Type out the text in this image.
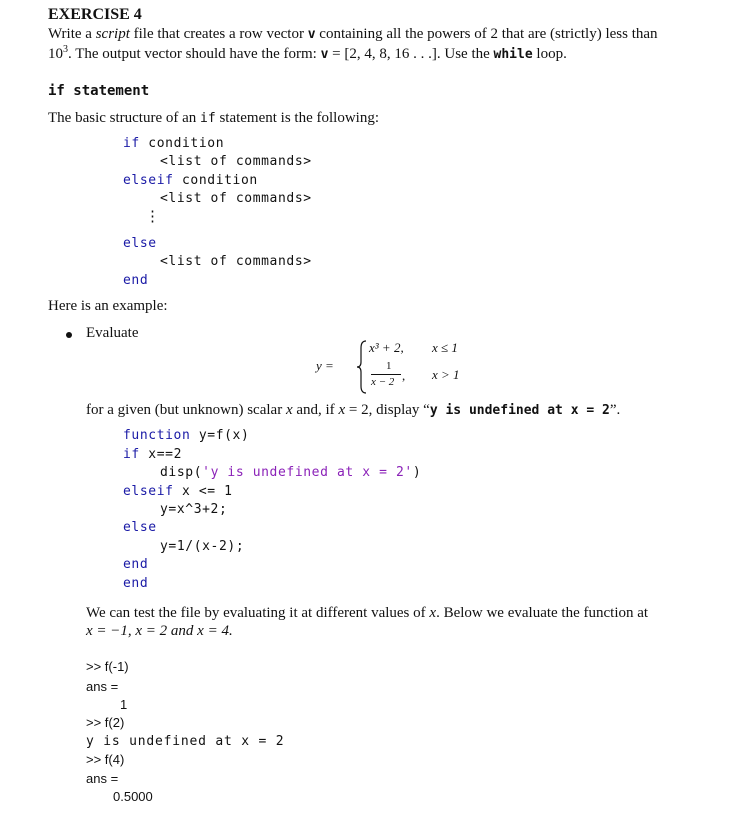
EXERCISE 4
Write a script file that creates a row vector v containing all the powers of 2 that are (strictly) less than
$10^3$. The output vector should have the form: v = [2, 4, 8, 16 . . .]. Use the while loop.
if statement
The basic structure of an if statement is the following:
if condition
<list of commands>
elseif condition
<list of commands>
⋮
else
<list of commands>
end
Here is an example:
Evaluate
y =
x³ + 2, x ≤ 1
1
x − 2 , x > 1
for a given (but unknown) scalar x and, if x = 2, display “y is undefined at x = 2”.
function y=f(x)
if x==2
disp('y is undefined at x = 2')
elseif x <= 1
y=x^3+2;
else
y=1/(x-2);
end
end
We can test the file by evaluating it at different values of x. Below we evaluate the function at
x = −1, x = 2 and x = 4.
>> f(-1)
ans =
1
>> f(2)
y is undefined at x = 2
>> f(4)
ans =
0.5000
